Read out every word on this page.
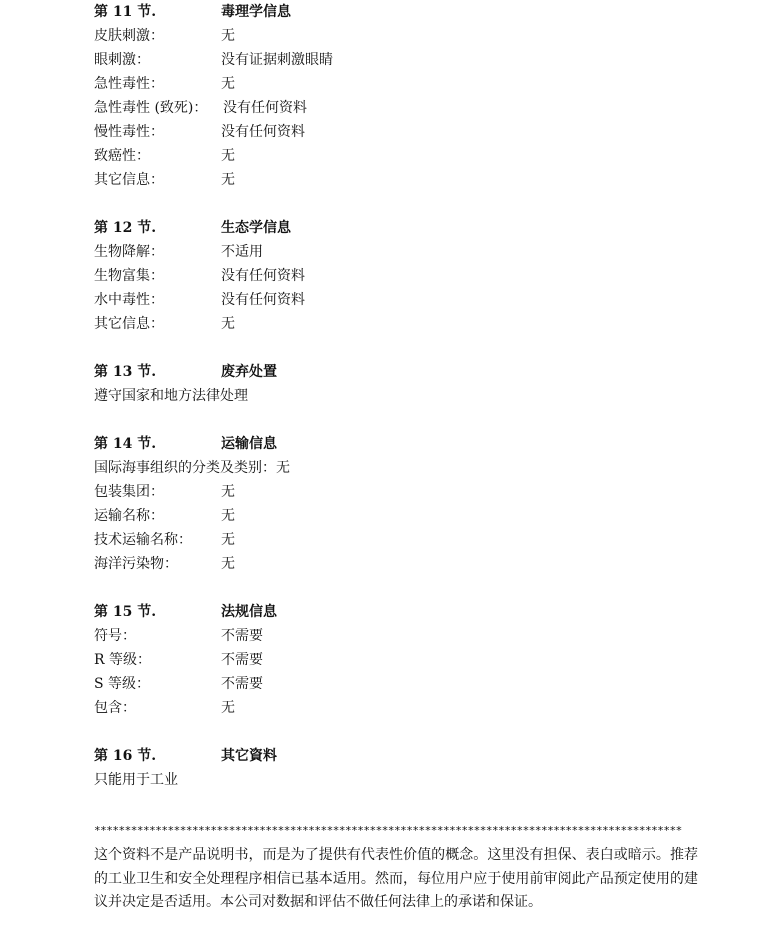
第 11 节.	毒理学信息
皮肤刺激：	无
眼刺激：	没有证据刺激眼睛
急性毒性：	无
急性毒性 (致死)： 没有任何资料
慢性毒性：	没有任何资料
致癌性：	无
其它信息：	无
第 12 节.	生态学信息
生物降解：	不适用
生物富集：	没有任何资料
水中毒性：	没有任何资料
其它信息：	无
第 13 节.	废弃处置
遵守国家和地方法律处理
第 14 节.	运输信息
国际海事组织的分类及类别：无
包装集团：	无
运输名称：	无
技术运输名称： 无
海洋污染物：	无
第 15 节.	法规信息
符号：	不需要
R 等级：	不需要
S 等级：	不需要
包含：	无
第 16 节.	其它資料
只能用于工业
************************************************************************************************
这个资料不是产品说明书，而是为了提供有代表性价值的概念。这里没有担保、表白或暗示。推荐的工业卫生和安全处理程序相信已基本适用。然而，每位用户应于使用前审阅此产品预定使用的建议并决定是否适用。本公司对数据和评估不做任何法律上的承诺和保证。
